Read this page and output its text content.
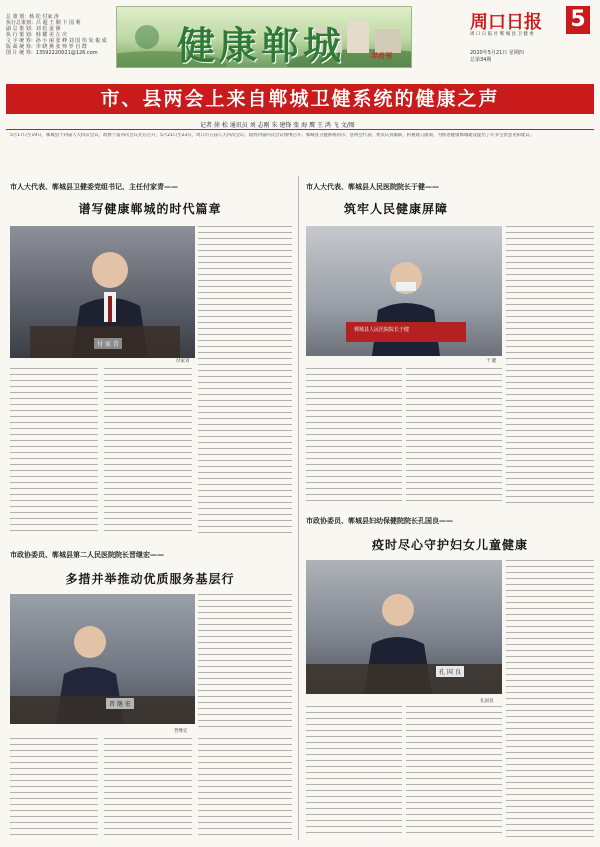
总 策 划：杨 松 付家 涛
执行总策划：吕 超 王 顺 卞 国 利
副 总 策 划：刘 松 姜 洲
执 行 策 划：韩 耀 美 左 庆
文 字 统 筹：孙 小 丽 张 峰 刘 国 伟 朱 俊 成
版 面 统 筹：李 晓 燕 张 帅 罗 自 群
图 片 统 筹：13592220021@126.com	健康郸城	半月刊
周口日报 5
周 口 日 报 社 郸 城 县 卫 健 委
2020年5月21日 星期四
总第34期
市、县两会上来自郸城卫健系统的健康之声
记者 徐 松 通讯员 刘 志刚 朱 建锋 张 海 鹰 王 鸿 飞 文/图
5月17日至19日，郸城县十四届人大四次会议、政协十届四次会议先后召开，5月21日至23日，周口市五届人大四次会议、政协四届四次会议相继召开。郸城县卫健系统的市、县两会代表、委员认真履职，积极建言献策，为推进健康郸城建设提出了许多宝贵意见和建议。
市人大代表、郸城县卫健委党组书记、主任付家青——
谱写健康郸城的时代篇章
付 家 青
付家青
市人大代表、郸城县人民医院院长于健——
筑牢人民健康屏障
郸城县人民医院院长于健
于 健
市政协委员、郸城县第二人民医院院长晋继宏——
多措并举推动优质服务基层行
晋 继 宏
晋继宏
市政协委员、郸城县妇幼保健院院长孔国良——
疫时尽心守护妇女儿童健康
孔 国 良
孔国良
